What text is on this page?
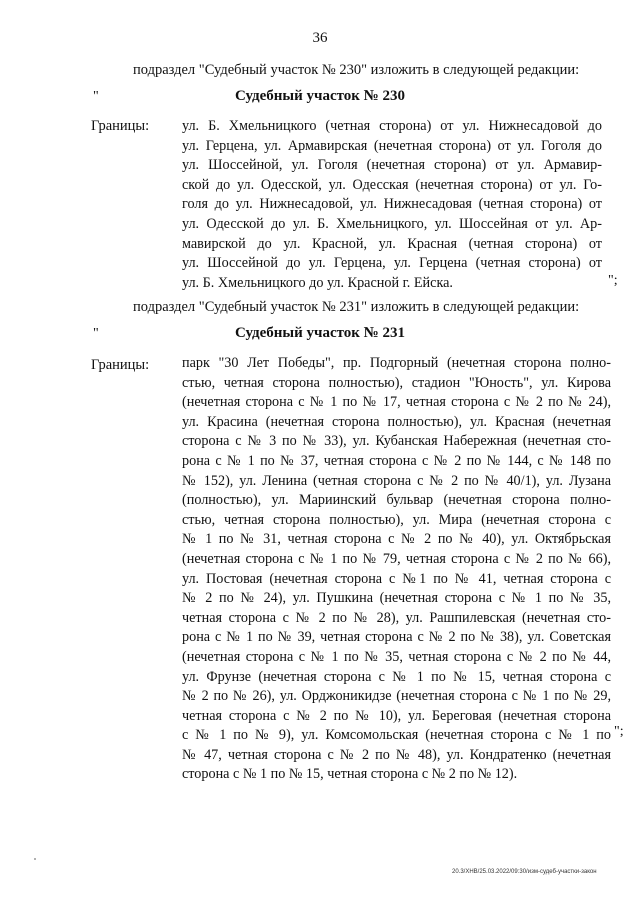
36
подраздел "Судебный участок № 230" изложить в следующей редакции:
"	Судебный участок № 230
Границы: ул. Б. Хмельницкого (четная сторона) от ул. Нижнесадовой до
ул. Герцена, ул. Армавирская (нечетная сторона) от ул. Гоголя до
ул. Шоссейной, ул. Гоголя (нечетная сторона) от ул. Армавир-
ской до ул. Одесской, ул. Одесская (нечетная сторона) от ул. Го-
голя до ул. Нижнесадовой, ул. Нижнесадовая (четная сторона) от
ул. Одесской до ул. Б. Хмельницкого, ул. Шоссейная от ул. Ар-
мавирской до ул. Красной, ул. Красная (четная сторона) от
ул. Шоссейной до ул. Герцена, ул. Герцена (четная сторона) от
ул. Б. Хмельницкого до ул. Красной г. Ейска.	";
подраздел "Судебный участок № 231" изложить в следующей редакции:
"	Судебный участок № 231
Границы: парк "30 Лет Победы", пр. Подгорный (нечетная сторона полно-
стью, четная сторона полностью), стадион "Юность", ул. Кирова
(нечетная сторона с № 1 по № 17, четная сторона с № 2 по № 24),
ул. Красина (нечетная сторона полностью), ул. Красная (нечетная
сторона с № 3 по № 33), ул. Кубанская Набережная (нечетная сто-
рона с № 1 по № 37, четная сторона с № 2 по № 144, с № 148 по
№ 152), ул. Ленина (четная сторона с № 2 по № 40/1), ул. Лузана
(полностью), ул. Мариинский бульвар (нечетная сторона полно-
стью, четная сторона полностью), ул. Мира (нечетная сторона с
№ 1 по № 31, четная сторона с № 2 по № 40), ул. Октябрьская
(нечетная сторона с № 1 по № 79, четная сторона с № 2 по № 66),
ул. Постовая (нечетная сторона с №1 по № 41, четная сторона с
№ 2 по № 24), ул. Пушкина (нечетная сторона с № 1 по № 35,
четная сторона с № 2 по № 28), ул. Рашпилевская (нечетная сто-
рона с № 1 по № 39, четная сторона с № 2 по № 38), ул. Советская
(нечетная сторона с № 1 по № 35, четная сторона с № 2 по № 44,
ул. Фрунзе (нечетная сторона с № 1 по № 15, четная сторона с
№ 2 по № 26), ул. Орджоникидзе (нечетная сторона с № 1 по № 29,
четная сторона с № 2 по № 10), ул. Береговая (нечетная сторона
с № 1 по № 9), ул. Комсомольская (нечетная сторона с № 1 по
№ 47, четная сторона с № 2 по № 48), ул. Кондратенко (нечетная
сторона с № 1 по № 15, четная сторона с № 2 по № 12).
";
20.3/ХНВ/25.03.2022/09:30/изм-судеб-участки-закон
